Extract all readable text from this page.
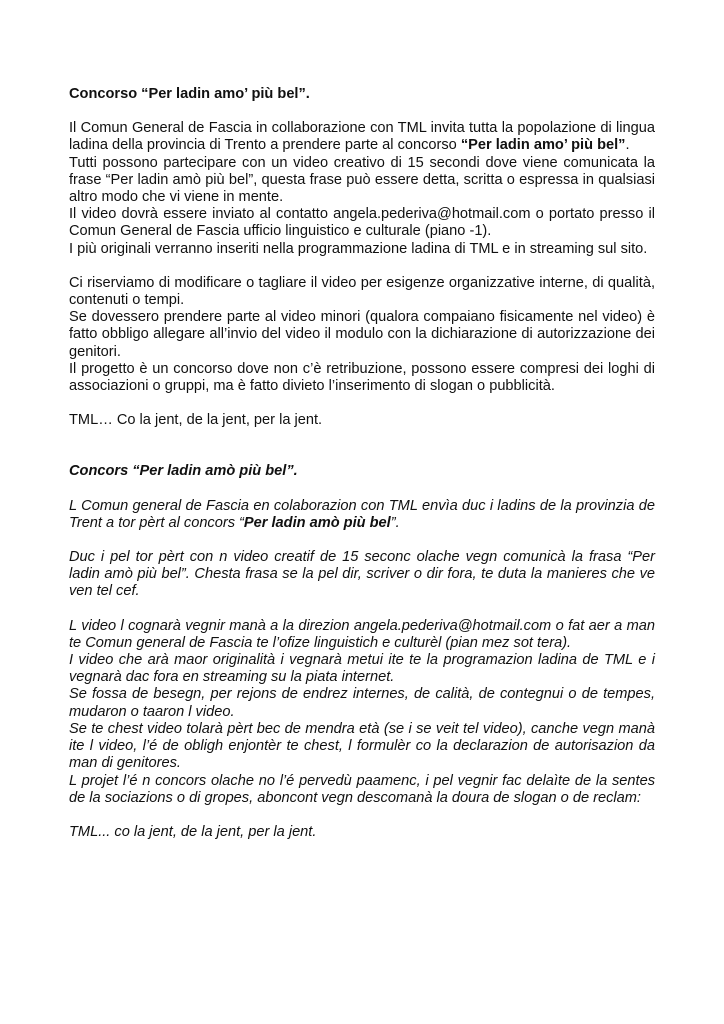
Concorso “Per ladin amo’ più bel”.

Il Comun General de Fascia in collaborazione con TML invita tutta la popolazione di lingua ladina della provincia di Trento a prendere parte al concorso “Per ladin amo’ più bel”.

Tutti possono partecipare con un video creativo di 15 secondi dove viene comunicata la frase “Per ladin amò più bel”, questa frase può essere detta, scritta o espressa in qualsiasi altro modo che vi viene in mente.

Il video dovrà essere inviato al contatto angela.pederiva@hotmail.com o portato presso il Comun General de Fascia ufficio linguistico e culturale (piano -1).

I più originali verranno inseriti nella programmazione ladina di TML e in streaming sul sito.

Ci riserviamo di modificare o tagliare il video per esigenze organizzative interne, di qualità, contenuti o tempi.

Se dovessero prendere parte al video minori (qualora compaiano fisicamente nel video) è fatto obbligo allegare all’invio del video il modulo con la dichiarazione di autorizzazione dei genitori.

Il progetto è un concorso dove non c’è retribuzione, possono essere compresi dei loghi di associazioni o gruppi, ma è fatto divieto l’inserimento di slogan o pubblicità.

TML… Co la jent, de la jent, per la jent.

Concors “Per ladin amò più bel”.

L Comun general de Fascia en colaborazion con TML envìa duc i ladins de la provinzia de Trent a tor pèrt al concors “Per ladin amò più bel”.

Duc i pel tor pèrt con n video creatif de 15 seconc olache vegn comunicà la frasa “Per ladin amò più bel”. Chesta frasa se la pel dir, scriver o dir fora, te duta la manieres che ve ven tel cef.

L video l cognarà vegnir manà a la direzion angela.pederiva@hotmail.com o fat aer a man te Comun general de Fascia te l’ofize linguistich e culturèl (pian mez sot tera).

I video che arà maor originalità i vegnarà metui ite te la programazion ladina de TML e i vegnarà dac fora en streaming su la piata internet.

Se fossa de besegn, per rejons de endrez internes, de calità, de contegnui o de tempes, mudaron o taaron l video.

Se te chest video tolarà pèrt bec de mendra età (se i se veit tel video), canche vegn manà ite l video, l’é de obligh enjontèr te chest, l formulèr co la declarazion de autorisazion da man di genitores.

L projet l’é n concors olache no l’é pervedù paamenc, i pel vegnir fac delaìte de la sentes de la sociazions o di gropes, aboncont vegn descomanà la doura de slogan o de reclam:

TML... co la jent, de la jent, per la jent.
